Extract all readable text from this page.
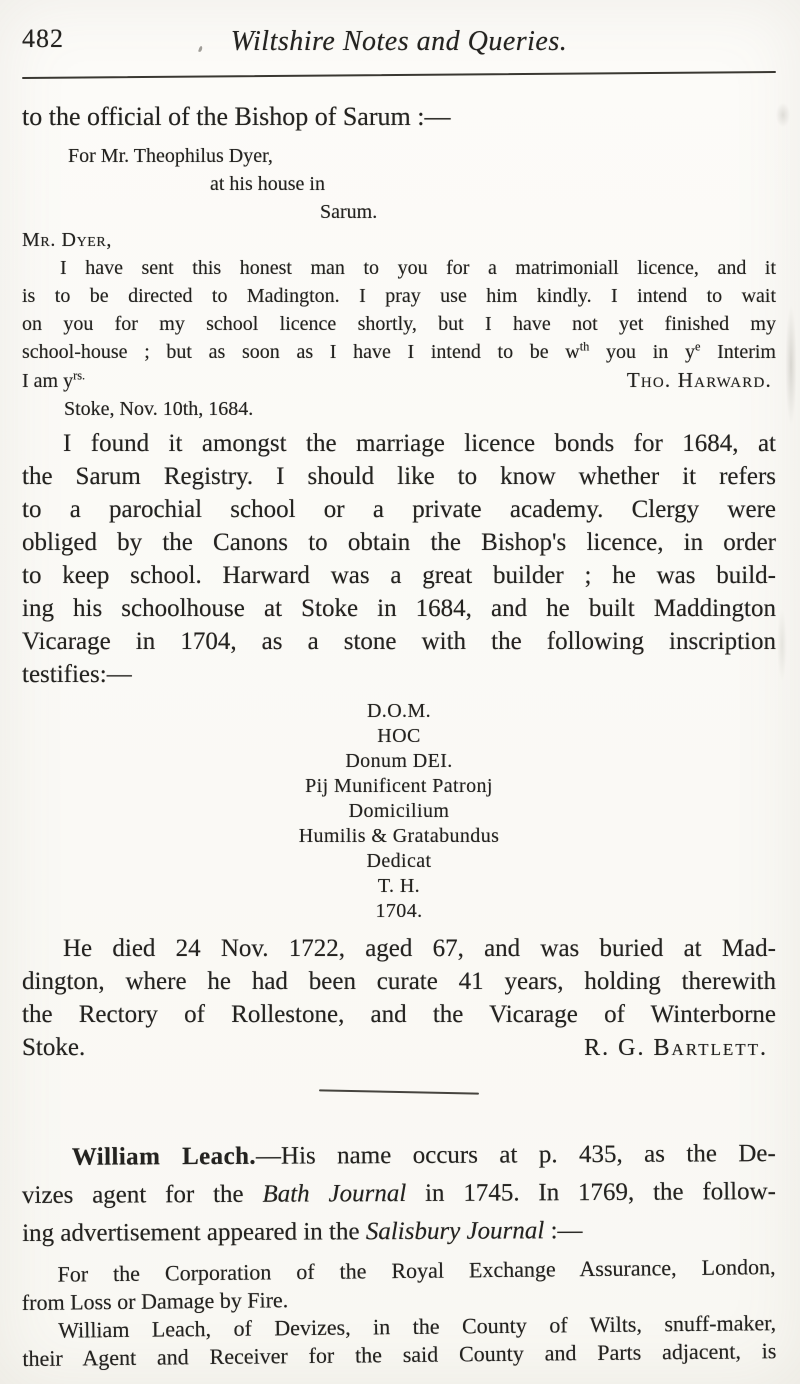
482	Wiltshire Notes and Queries.

to the official of the Bishop of Sarum :—

For Mr. Theophilus Dyer,
at his house in
Sarum.
Mr. Dyer,
I have sent this honest man to you for a matrimoniall licence, and it
is to be directed to Madington. I pray use him kindly. I intend to wait
on you for my school licence shortly, but I have not yet finished my
school-house ; but as soon as I have I intend to be $w^{th}$ you in $y^e$ Interim
I am $y^{rs.}$	Tho. Harward.
Stoke, Nov. 10th, 1684.
I found it amongst the marriage licence bonds for 1684, at
the Sarum Registry. I should like to know whether it refers
to a parochial school or a private academy. Clergy were
obliged by the Canons to obtain the Bishop's licence, in order
to keep school. Harward was a great builder ; he was build-
ing his schoolhouse at Stoke in 1684, and he built Maddington
Vicarage in 1704, as a stone with the following inscription
testifies:—
D.O.M.
HOC
Donum DEI.
Pij Munificent Patronj
Domicilium
Humilis & Gratabundus
Dedicat
T. H.
1704.
He died 24 Nov. 1722, aged 67, and was buried at Mad-
dington, where he had been curate 41 years, holding therewith
the Rectory of Rollestone, and the Vicarage of Winterborne
Stoke.	R. G. Bartlett.
William Leach.—His name occurs at p. 435, as the De-
vizes agent for the Bath Journal in 1745. In 1769, the follow-
ing advertisement appeared in the Salisbury Journal :—
For the Corporation of the Royal Exchange Assurance, London,
from Loss or Damage by Fire.
William Leach, of Devizes, in the County of Wilts, snuff-maker,
their Agent and Receiver for the said County and Parts adjacent, is
